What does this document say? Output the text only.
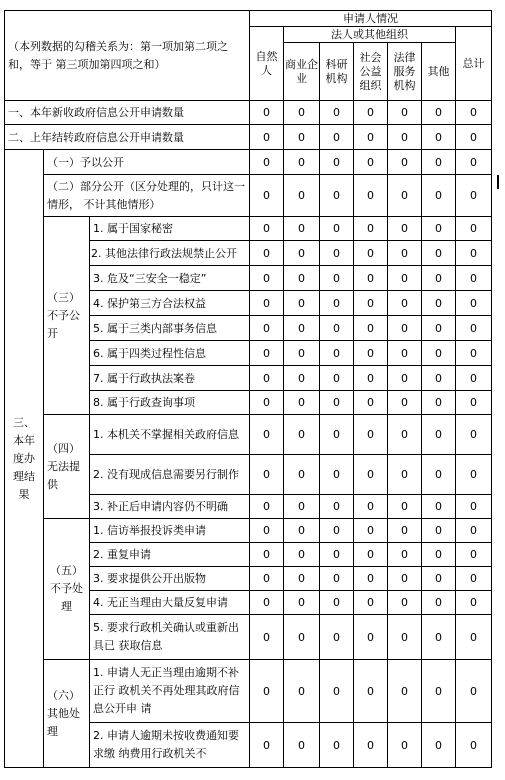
（本列数据的勾稽关系为：第一项加第二项之和，等于 第三项加第四项之和）			申请人情况						
			自然人	法人或其他组织					总计
				商业企业	科研机构	社会公益组织	法律服务机构	其他	
一、本年新收政府信息公开申请数量			0	0	0	0	0	0	0
二、上年结转政府信息公开申请数量			0	0	0	0	0	0	0
三、本年度办理结果	（一）予以公开		0	0	0	0	0	0	0
	（二）部分公开（区分处理的，只计这一情形， 不计其他情形）		0	0	0	0	0	0	0
	（三）不予公开	1. 属于国家秘密	0	0	0	0	0	0	0
		2. 其他法律行政法规禁止公开	0	0	0	0	0	0	0
		3. 危及“三安全一稳定”	0	0	0	0	0	0	0
		4. 保护第三方合法权益	0	0	0	0	0	0	0
		5. 属于三类内部事务信息	0	0	0	0	0	0	0
		6. 属于四类过程性信息	0	0	0	0	0	0	0
		7. 属于行政执法案卷	0	0	0	0	0	0	0
		8. 属于行政查询事项	0	0	0	0	0	0	0
	（四）无法提供	1. 本机关不掌握相关政府信息	0	0	0	0	0	0	0
		2. 没有现成信息需要另行制作	0	0	0	0	0	0	0
		3. 补正后申请内容仍不明确	0	0	0	0	0	0	0
	（五）不予处理	1. 信访举报投诉类申请	0	0	0	0	0	0	0
		2. 重复申请	0	0	0	0	0	0	0
		3. 要求提供公开出版物	0	0	0	0	0	0	0
		4. 无正当理由大量反复申请	0	0	0	0	0	0	0
		5. 要求行政机关确认或重新出具已 获取信息	0	0	0	0	0	0	0
	（六）其他处理	1. 申请人无正当理由逾期不补正行 政机关不再处理其政府信息公开申 请	0	0	0	0	0	0	0
		2. 申请人逾期未按收费通知要求缴 纳费用行政机关不	0	0	0	0	0	0	0
